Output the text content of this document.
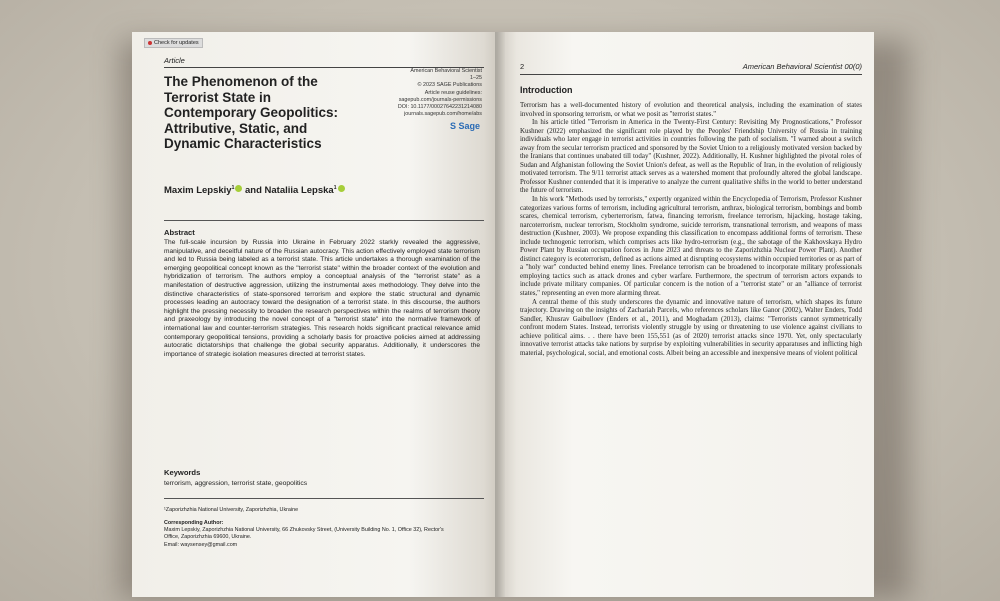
Check for updates
Article
American Behavioral Scientist
1–25
© 2023 SAGE Publications
Article reuse guidelines:
sagepub.com/journals-permissions
DOI: 10.1177/00027642231214080
journals.sagepub.com/home/abs
S Sage
The Phenomenon of the Terrorist State in Contemporary Geopolitics: Attributive, Static, and Dynamic Characteristics
Maxim Lepskiy$^1$ and Nataliia Lepska$^1$
Abstract
The full-scale incursion by Russia into Ukraine in February 2022 starkly revealed the aggressive, manipulative, and deceitful nature of the Russian autocracy. This action effectively employed state terrorism and led to Russia being labeled as a terrorist state. This article undertakes a thorough examination of the emerging geopolitical concept known as the "terrorist state" within the broader context of the evolution and hybridization of terrorism. The authors employ a conceptual analysis of the "terrorist state" as a manifestation of destructive aggression, utilizing the instrumental axes methodology. They delve into the distinctive characteristics of state-sponsored terrorism and explore the static structural and dynamic processes leading an autocracy toward the designation of a terrorist state. In this discourse, the authors highlight the pressing necessity to broaden the research perspectives within the realms of terrorism theory and praxeology by introducing the novel concept of a "terrorist state" into the normative framework of international law and counter-terrorism strategies. This research holds significant practical relevance amid contemporary geopolitical tensions, providing a scholarly basis for proactive policies aimed at addressing autocratic dictatorships that challenge the global security apparatus. Additionally, it underscores the importance of strategic isolation measures directed at terrorist states.
Keywords
terrorism, aggression, terrorist state, geopolitics
¹Zaporizhzhia National University, Zaporizhzhia, Ukraine
Corresponding Author:
Maxim Lepskiy, Zaporizhzhia National University, 66 Zhukovsky Street, (University Building No. 1, Office 32), Rector's Office, Zaporizhzhia 69600, Ukraine.
Email: waysensey@gmail.com
2	American Behavioral Scientist 00(0)
Introduction

Terrorism has a well-documented history of evolution and theoretical analysis, including the examination of states involved in sponsoring terrorism, or what we posit as "terrorist states."

In his article titled "Terrorism in America in the Twenty-First Century: Revisiting My Prognostications," Professor Kushner (2022) emphasized the significant role played by the Peoples' Friendship University of Russia in training individuals who later engage in terrorist activities in countries following the path of socialism. "I warned about a switch away from the secular terrorism practiced and sponsored by the Soviet Union to a religiously motivated version backed by the Iranians that continues unabated till today" (Kushner, 2022). Additionally, H. Kushner highlighted the pivotal roles of Sudan and Afghanistan following the Soviet Union's defeat, as well as the Republic of Iran, in the evolution of religiously motivated terrorism. The 9/11 terrorist attack serves as a watershed moment that profoundly altered the global landscape. Professor Kushner contended that it is imperative to analyze the current qualitative shifts in the world to better understand the future of terrorism.

In his work "Methods used by terrorists," expertly organized within the Encyclopedia of Terrorism, Professor Kushner categorizes various forms of terrorism, including agricultural terrorism, anthrax, biological terrorism, bombings and bomb scares, chemical terrorism, cyberterrorism, fatwa, financing terrorism, freelance terrorism, hijacking, hostage taking, narcoterrorism, nuclear terrorism, Stockholm syndrome, suicide terrorism, transnational terrorism, and weapons of mass destruction (Kushner, 2003). We propose expanding this classification to encompass additional forms of terrorism. These include technogenic terrorism, which comprises acts like hydro-terrorism (e.g., the sabotage of the Kakhovskaya Hydro Power Plant by Russian occupation forces in June 2023 and threats to the Zaporizhzhia Nuclear Power Plant). Another distinct category is ecoterrorism, defined as actions aimed at disrupting ecosystems within occupied territories or as part of a "holy war" conducted behind enemy lines. Freelance terrorism can be broadened to incorporate military professionals employing tactics such as attack drones and cyber warfare. Furthermore, the spectrum of terrorism actors expands to include private military companies. Of particular concern is the notion of a "terrorist state" or an "alliance of terrorist states," representing an even more alarming threat.

A central theme of this study underscores the dynamic and innovative nature of terrorism, which shapes its future trajectory. Drawing on the insights of Zachariah Parcels, who references scholars like Ganor (2002), Walter Enders, Todd Sandler, Khusrav Gaibulloev (Enders et al., 2011), and Moghadam (2013), claims: "Terrorists cannot symmetrically confront modern States. Instead, terrorists violently struggle by using or threatening to use violence against civilians to achieve political aims. . . there have been 155,551 (as of 2020) terrorist attacks since 1970. Yet, only spectacularly innovative terrorist attacks take nations by surprise by exploiting vulnerabilities in security apparatuses and inflicting high material, psychological, social, and emotional costs. Albeit being an accessible and inexpensive means of violent political
